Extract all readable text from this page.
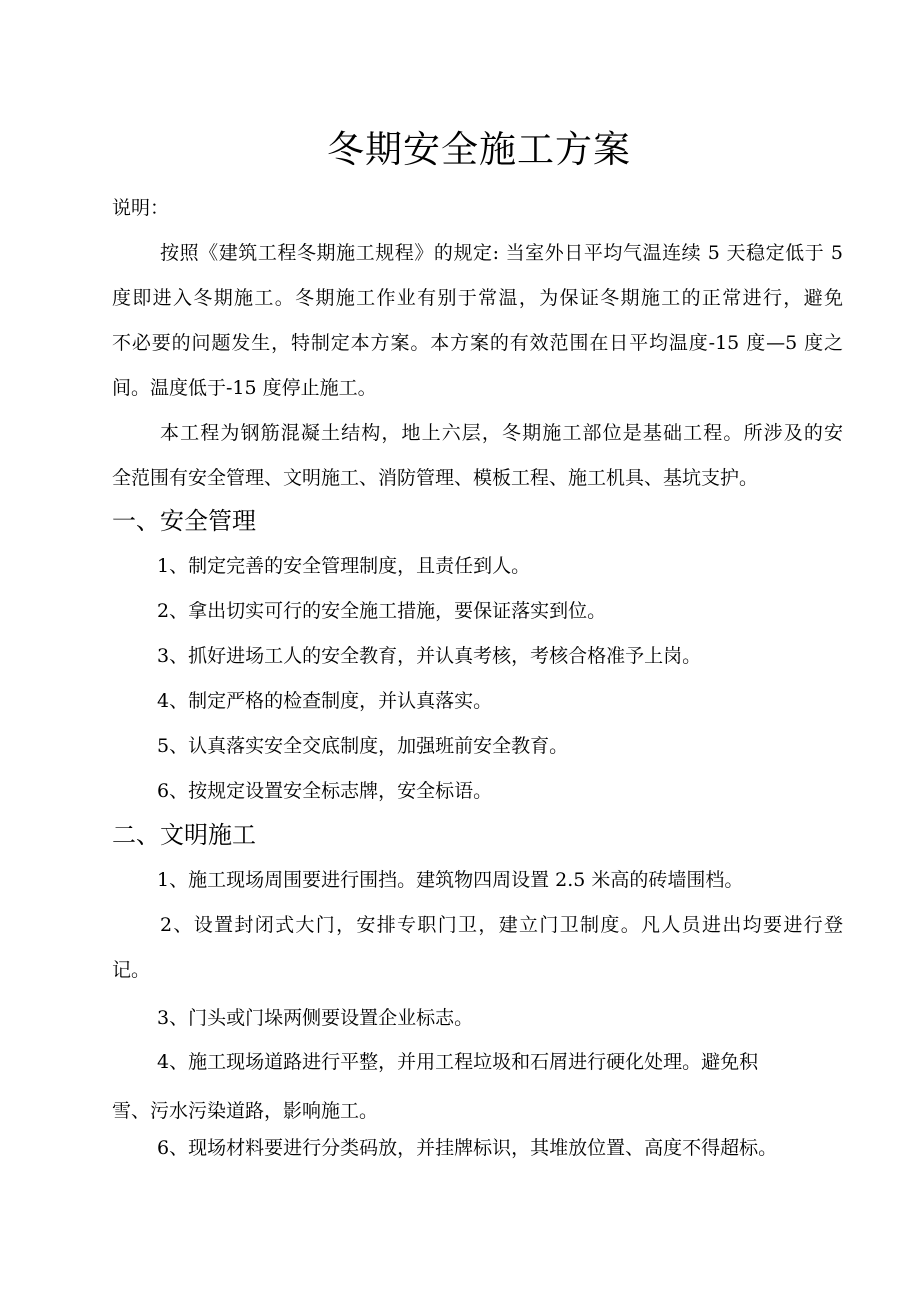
冬期安全施工方案

说明：

按照《建筑工程冬期施工规程》的规定: 当室外日平均气温连续 5 天稳定低于 5

度即进入冬期施工。冬期施工作业有别于常温，为保证冬期施工的正常进行，避免

不必要的问题发生，特制定本方案。本方案的有效范围在日平均温度-15 度—5 度之

间。温度低于-15 度停止施工。

本工程为钢筋混凝土结构，地上六层，冬期施工部位是基础工程。所涉及的安

全范围有安全管理、文明施工、消防管理、模板工程、施工机具、基坑支护。

一、安全管理

1、制定完善的安全管理制度，且责任到人。

2、拿出切实可行的安全施工措施，要保证落实到位。

3、抓好进场工人的安全教育，并认真考核，考核合格准予上岗。

4、制定严格的检查制度，并认真落实。

5、认真落实安全交底制度，加强班前安全教育。

6、按规定设置安全标志牌，安全标语。

二、文明施工

1、施工现场周围要进行围挡。建筑物四周设置 2.5 米高的砖墙围档。

2、设置封闭式大门，安排专职门卫，建立门卫制度。凡人员进出均要进行登

记。

3、门头或门垛两侧要设置企业标志。

4、施工现场道路进行平整，并用工程垃圾和石屑进行硬化处理。避免积

雪、污水污染道路，影响施工。

6、现场材料要进行分类码放，并挂牌标识，其堆放位置、高度不得超标。
